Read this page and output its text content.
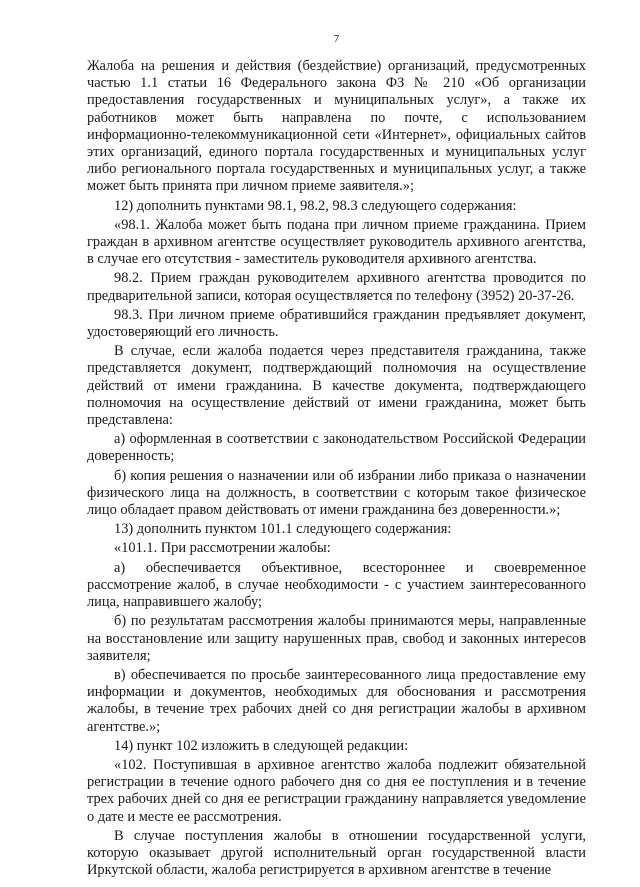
7
Жалоба на решения и действия (бездействие) организаций, предусмотренных частью 1.1 статьи 16 Федерального закона ФЗ № 210 «Об организации предоставления государственных и муниципальных услуг», а также их работников может быть направлена по почте, с использованием информационно-телекоммуникационной сети «Интернет», официальных сайтов этих организаций, единого портала государственных и муниципальных услуг либо регионального портала государственных и муниципальных услуг, а также может быть принята при личном приеме заявителя.»;
12) дополнить пунктами 98.1, 98.2, 98.3 следующего содержания:
«98.1. Жалоба может быть подана при личном приеме гражданина. Прием граждан в архивном агентстве осуществляет руководитель архивного агентства, в случае его отсутствия - заместитель руководителя архивного агентства.
98.2. Прием граждан руководителем архивного агентства проводится по предварительной записи, которая осуществляется по телефону (3952) 20-37-26.
98.3. При личном приеме обратившийся гражданин предъявляет документ, удостоверяющий его личность.
В случае, если жалоба подается через представителя гражданина, также представляется документ, подтверждающий полномочия на осуществление действий от имени гражданина. В качестве документа, подтверждающего полномочия на осуществление действий от имени гражданина, может быть представлена:
а) оформленная в соответствии с законодательством Российской Федерации доверенность;
б) копия решения о назначении или об избрании либо приказа о назначении физического лица на должность, в соответствии с которым такое физическое лицо обладает правом действовать от имени гражданина без доверенности.»;
13) дополнить пунктом 101.1 следующего содержания:
«101.1. При рассмотрении жалобы:
а) обеспечивается объективное, всестороннее и своевременное рассмотрение жалоб, в случае необходимости - с участием заинтересованного лица, направившего жалобу;
б) по результатам рассмотрения жалобы принимаются меры, направленные на восстановление или защиту нарушенных прав, свобод и законных интересов заявителя;
в) обеспечивается по просьбе заинтересованного лица предоставление ему информации и документов, необходимых для обоснования и рассмотрения жалобы, в течение трех рабочих дней со дня регистрации жалобы в архивном агентстве.»;
14) пункт 102 изложить в следующей редакции:
«102. Поступившая в архивное агентство жалоба подлежит обязательной регистрации в течение одного рабочего дня со дня ее поступления и в течение трех рабочих дней со дня ее регистрации гражданину направляется уведомление о дате и месте ее рассмотрения.
В случае поступления жалобы в отношении государственной услуги, которую оказывает другой исполнительный орган государственной власти Иркутской области, жалоба регистрируется в архивном агентстве в течение
